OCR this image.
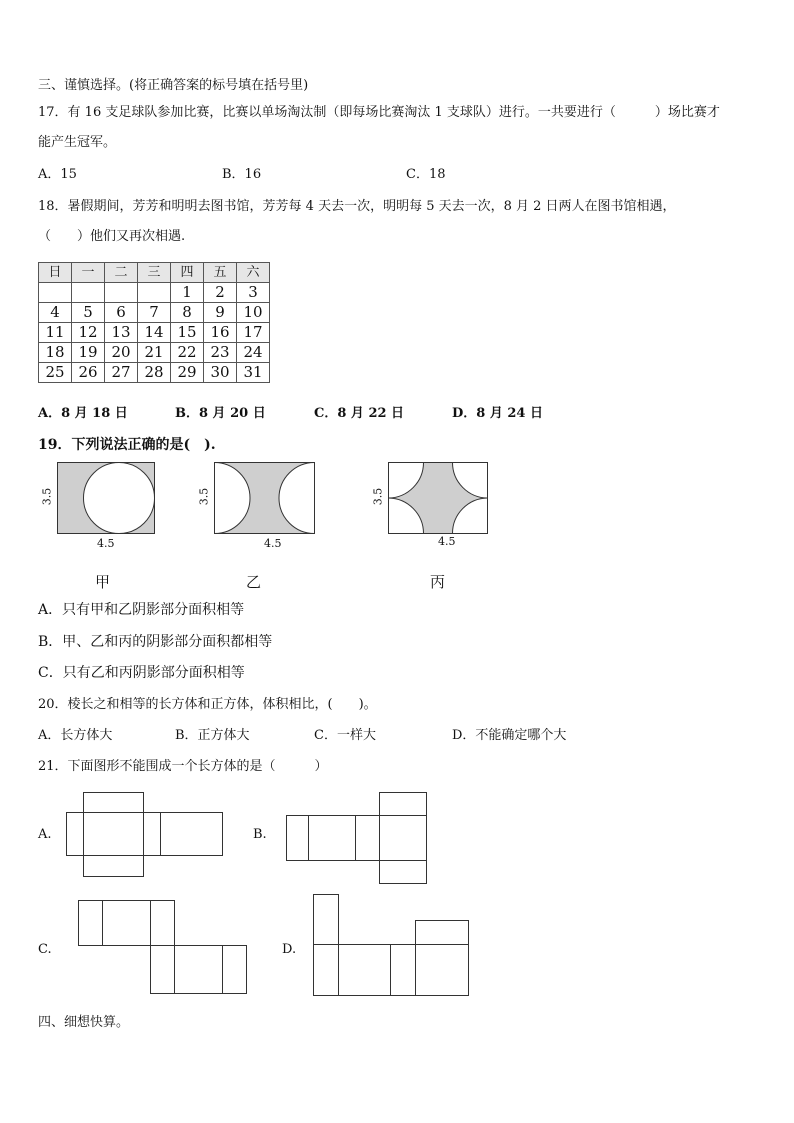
三、谨慎选择。(将正确答案的标号填在括号里)
17．有 16 支足球队参加比赛，比赛以单场淘汰制（即每场比赛淘汰 1 支球队）进行。一共要进行（　　　）场比赛才
能产生冠军。
A．15	B．16	C．18
18．暑假期间，芳芳和明明去图书馆，芳芳每 4 天去一次，明明每 5 天去一次，8 月 2 日两人在图书馆相遇，
（　　）他们又再次相遇.
日	一	二	三	四	五	六
				1	2	3
4	5	6	7	8	9	10
11	12	13	14	15	16	17
18	19	20	21	22	23	24
25	26	27	28	29	30	31
A．8 月 18 日	B．8 月 20 日	C．8 月 22 日	D．8 月 24 日
19．下列说法正确的是(　).
3.5
4.5
甲
3.5
4.5
乙
3.5
4.5
丙
A．只有甲和乙阴影部分面积相等
B．甲、乙和丙的阴影部分面积都相等
C．只有乙和丙阴影部分面积相等
20．棱长之和相等的长方体和正方体，体积相比，(　　)。
A．长方体大	B．正方体大	C．一样大	D．不能确定哪个大
21．下面图形不能围成一个长方体的是（　　　）
A.	B.
C.	D.
四、细想快算。
